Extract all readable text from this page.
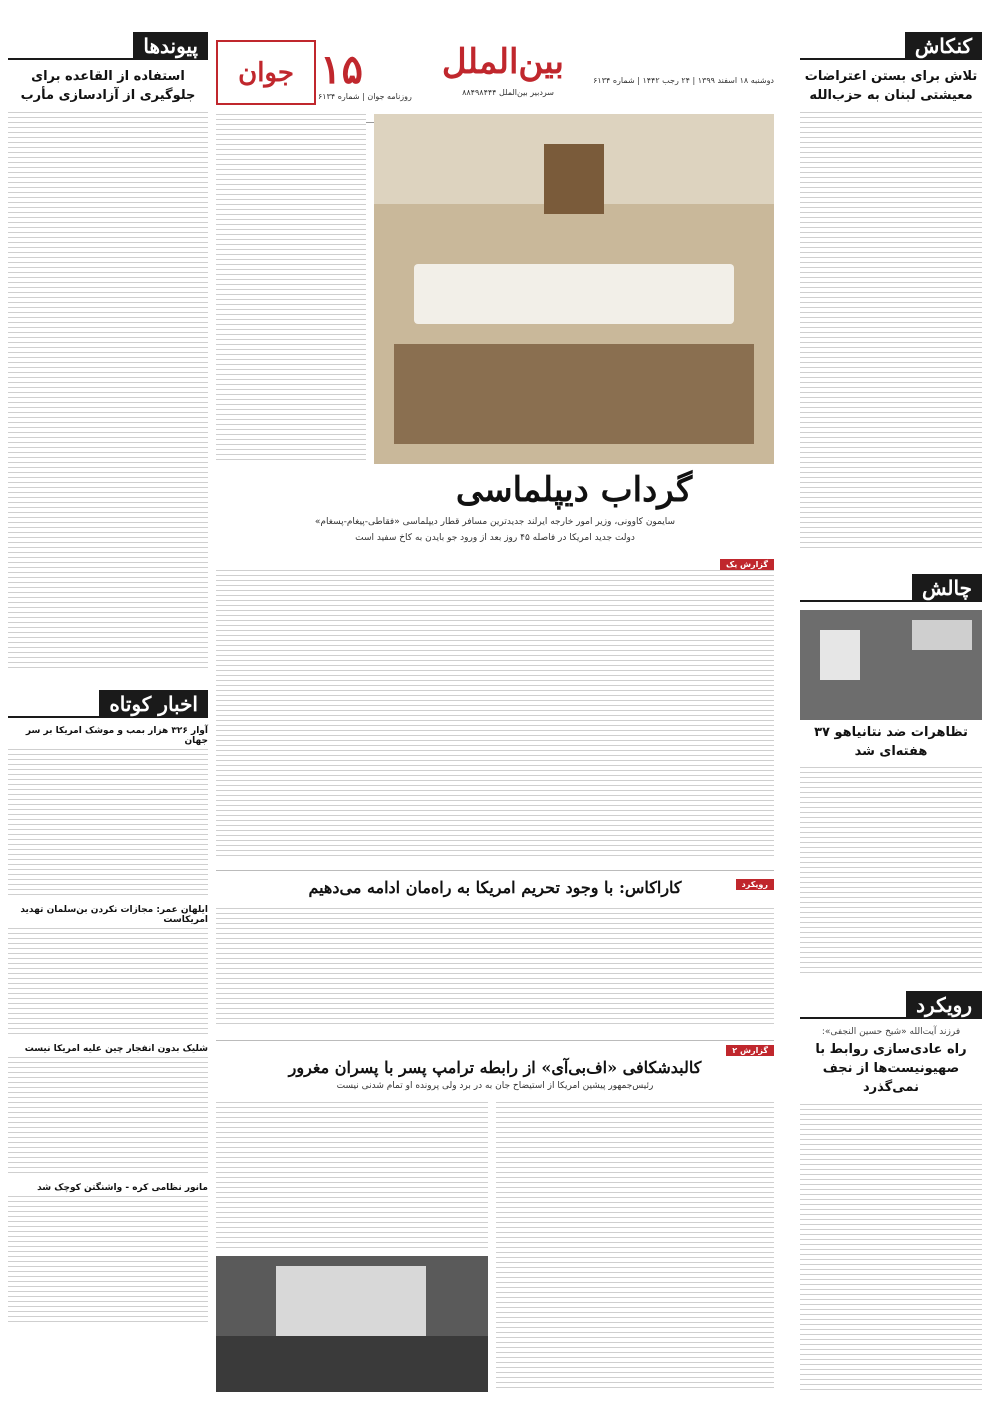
جوان ۱۵ بین‌الملل	دوشنبه ۱۸ اسفند ۱۳۹۹ | ۲۴ رجب ۱۴۴۲ | شماره ۶۱۳۴
سردبیر بین‌الملل ۸۸۴۹۸۴۴۴
روزنامه جوان | شماره ۶۱۳۴
کنکاش
تلاش برای بستن اعتراضات معیشتی لبنان به حزب‌الله
چالش
تظاهرات ضد نتانیاهو ۳۷ هفته‌ای شد
رویکرد
فرزند آیت‌الله «شیخ حسین النجفی»:
راه عادی‌سازی روابط با صهیونیست‌ها از نجف نمی‌گذرد
پیوندها
استفاده از القاعده برای جلوگیری از آزادسازی مأرب
اخبار کوتاه
آوار ۳۲۶ هزار بمب و موشک امریکا بر سر جهان
ایلهان عمر: مجازات نکردن بن‌سلمان تهدید امریکاست
شلیک بدون انفجار چین علیه امریکا نیست
مانور نظامی کره - واشنگتن کوچک شد
گرداب دیپلماسی
سایمون کاوونی، وزیر امور خارجه ایرلند جدیدترین مسافر قطار دیپلماسی «فقاطی-پیغام-پسغام»
دولت جدید امریکا در فاصله ۴۵ روز بعد از ورود جو بایدن به کاخ سفید است
گزارش یک
رویکرد
کاراکاس: با وجود تحریم امریکا به راه‌مان ادامه می‌دهیم
گزارش ۲
کالبدشکافی «اف‌بی‌آی» از رابطه ترامپ پسر با پسران مغرور
رئیس‌جمهور پیشین امریکا از استیضاح جان به در برد ولی پرونده او تمام شدنی نیست
